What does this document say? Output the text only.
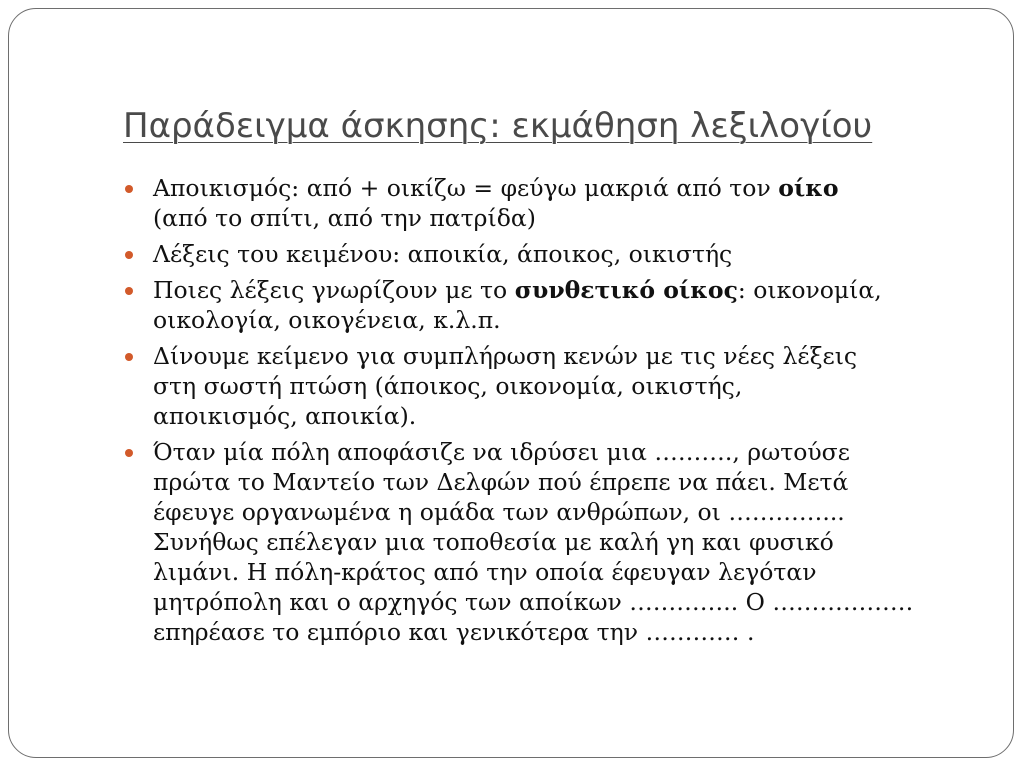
Παράδειγμα άσκησης: εκμάθηση λεξιλογίου
Αποικισμός: από + οικίζω = φεύγω μακριά από τον οίκο
(από το σπίτι, από την πατρίδα)
Λέξεις του κειμένου: αποικία, άποικος, οικιστής
Ποιες λέξεις γνωρίζουν με το συνθετικό οίκος: οικονομία,
οικολογία, οικογένεια, κ.λ.π.
Δίνουμε κείμενο για συμπλήρωση κενών με τις νέες λέξεις
στη σωστή πτώση (άποικος, οικονομία, οικιστής,
αποικισμός, αποικία).
Όταν μία πόλη αποφάσιζε να ιδρύσει μια ………., ρωτούσε
πρώτα το Μαντείο των Δελφών πού έπρεπε να πάει. Μετά
έφευγε οργανωμένα η ομάδα των ανθρώπων, οι …………...
Συνήθως επέλεγαν μια τοποθεσία με καλή γη και φυσικό
λιμάνι. Η πόλη-κράτος από την οποία έφευγαν λεγόταν
μητρόπολη και ο αρχηγός των αποίκων ………….. Ο ………………
επηρέασε το εμπόριο και γενικότερα την ………… .
